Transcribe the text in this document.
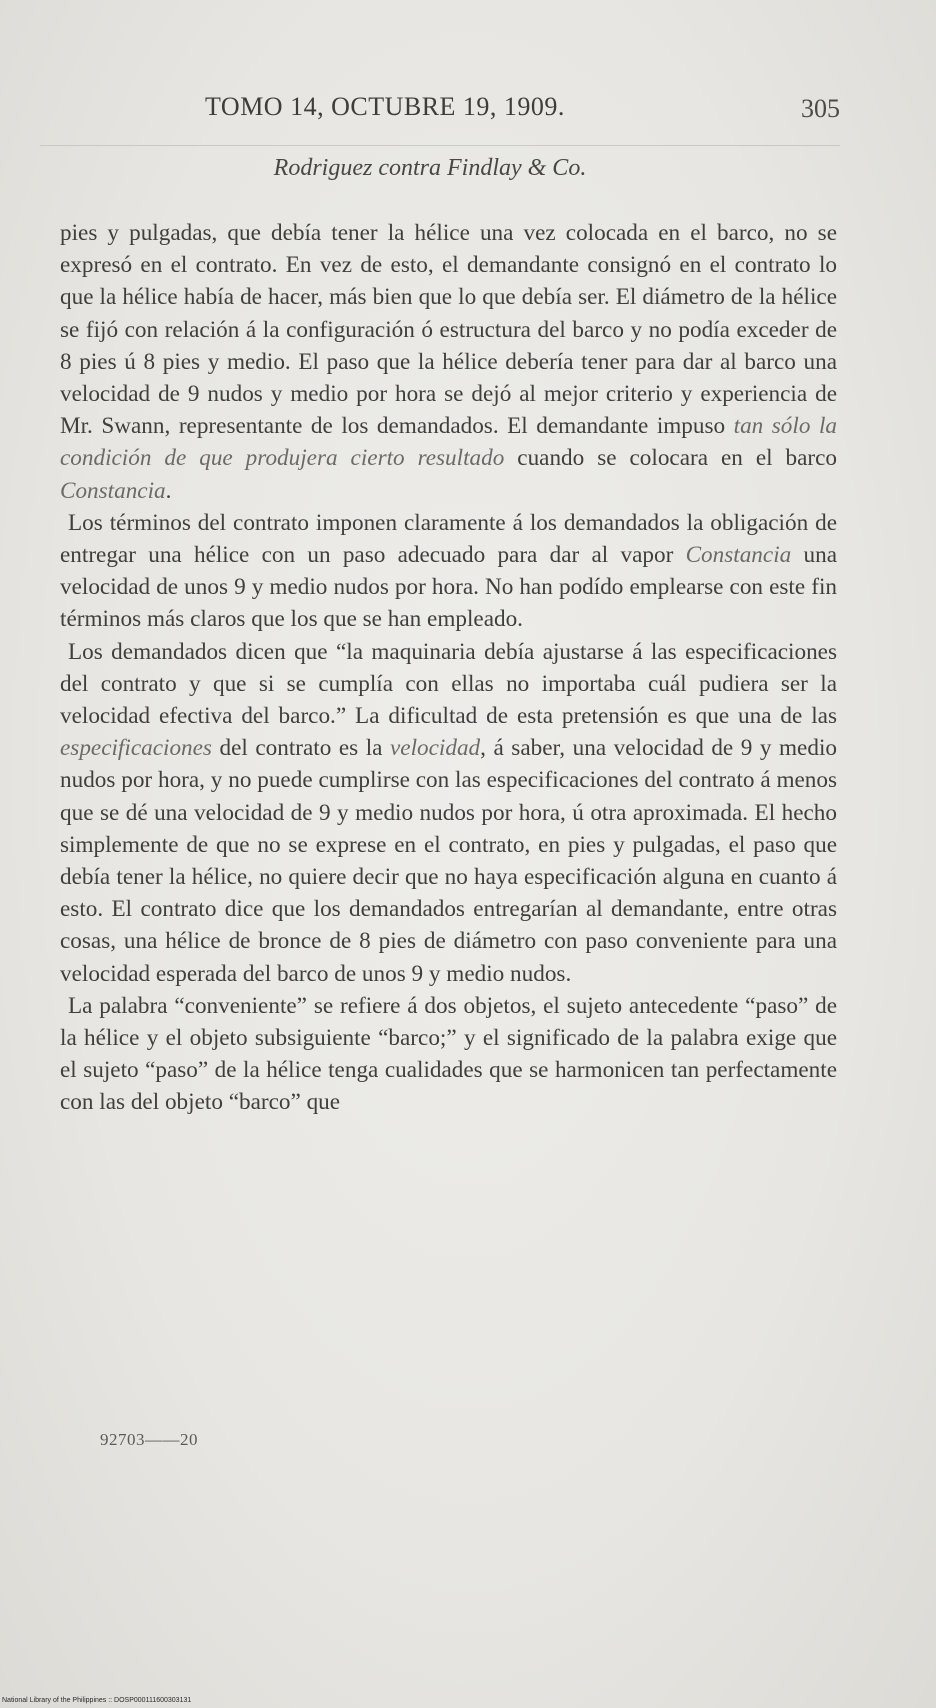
TOMO 14, OCTUBRE 19, 1909.	305
Rodriguez contra Findlay & Co.

pies y pulgadas, que debía tener la hélice una vez colocada en el barco, no se expresó en el contrato. En vez de esto, el demandante consignó en el contrato lo que la hélice había de hacer, más bien que lo que debía ser. El diámetro de la hélice se fijó con relación á la configuración ó estructura del barco y no podía exceder de 8 pies ú 8 pies y medio. El paso que la hélice debería tener para dar al barco una velocidad de 9 nudos y medio por hora se dejó al mejor criterio y experiencia de Mr. Swann, representante de los demandados. El demandante impuso tan sólo la condición de que produjera cierto resultado cuando se colocara en el barco Constancia.

Los términos del contrato imponen claramente á los demandados la obligación de entregar una hélice con un paso adecuado para dar al vapor Constancia una velocidad de unos 9 y medio nudos por hora. No han podído emplearse con este fin términos más claros que los que se han empleado.

Los demandados dicen que “la maquinaria debía ajustarse á las especificaciones del contrato y que si se cumplía con ellas no importaba cuál pudiera ser la velocidad efectiva del barco.” La dificultad de esta pretensión es que una de las especificaciones del contrato es la velocidad, á saber, una velocidad de 9 y medio nudos por hora, y no puede cumplirse con las especificaciones del contrato á menos que se dé una velocidad de 9 y medio nudos por hora, ú otra aproximada. El hecho simplemente de que no se exprese en el contrato, en pies y pulgadas, el paso que debía tener la hélice, no quiere decir que no haya especificación alguna en cuanto á esto. El contrato dice que los demandados entregarían al demandante, entre otras cosas, una hélice de bronce de 8 pies de diámetro con paso conveniente para una velocidad esperada del barco de unos 9 y medio nudos.

La palabra “conveniente” se refiere á dos objetos, el sujeto antecedente “paso” de la hélice y el objeto subsiguiente “barco;” y el significado de la palabra exige que el sujeto “paso” de la hélice tenga cualidades que se harmonicen tan perfectamente con las del objeto “barco” que

92703——20
National Library of the Philippines :: DOSP000111600303131
